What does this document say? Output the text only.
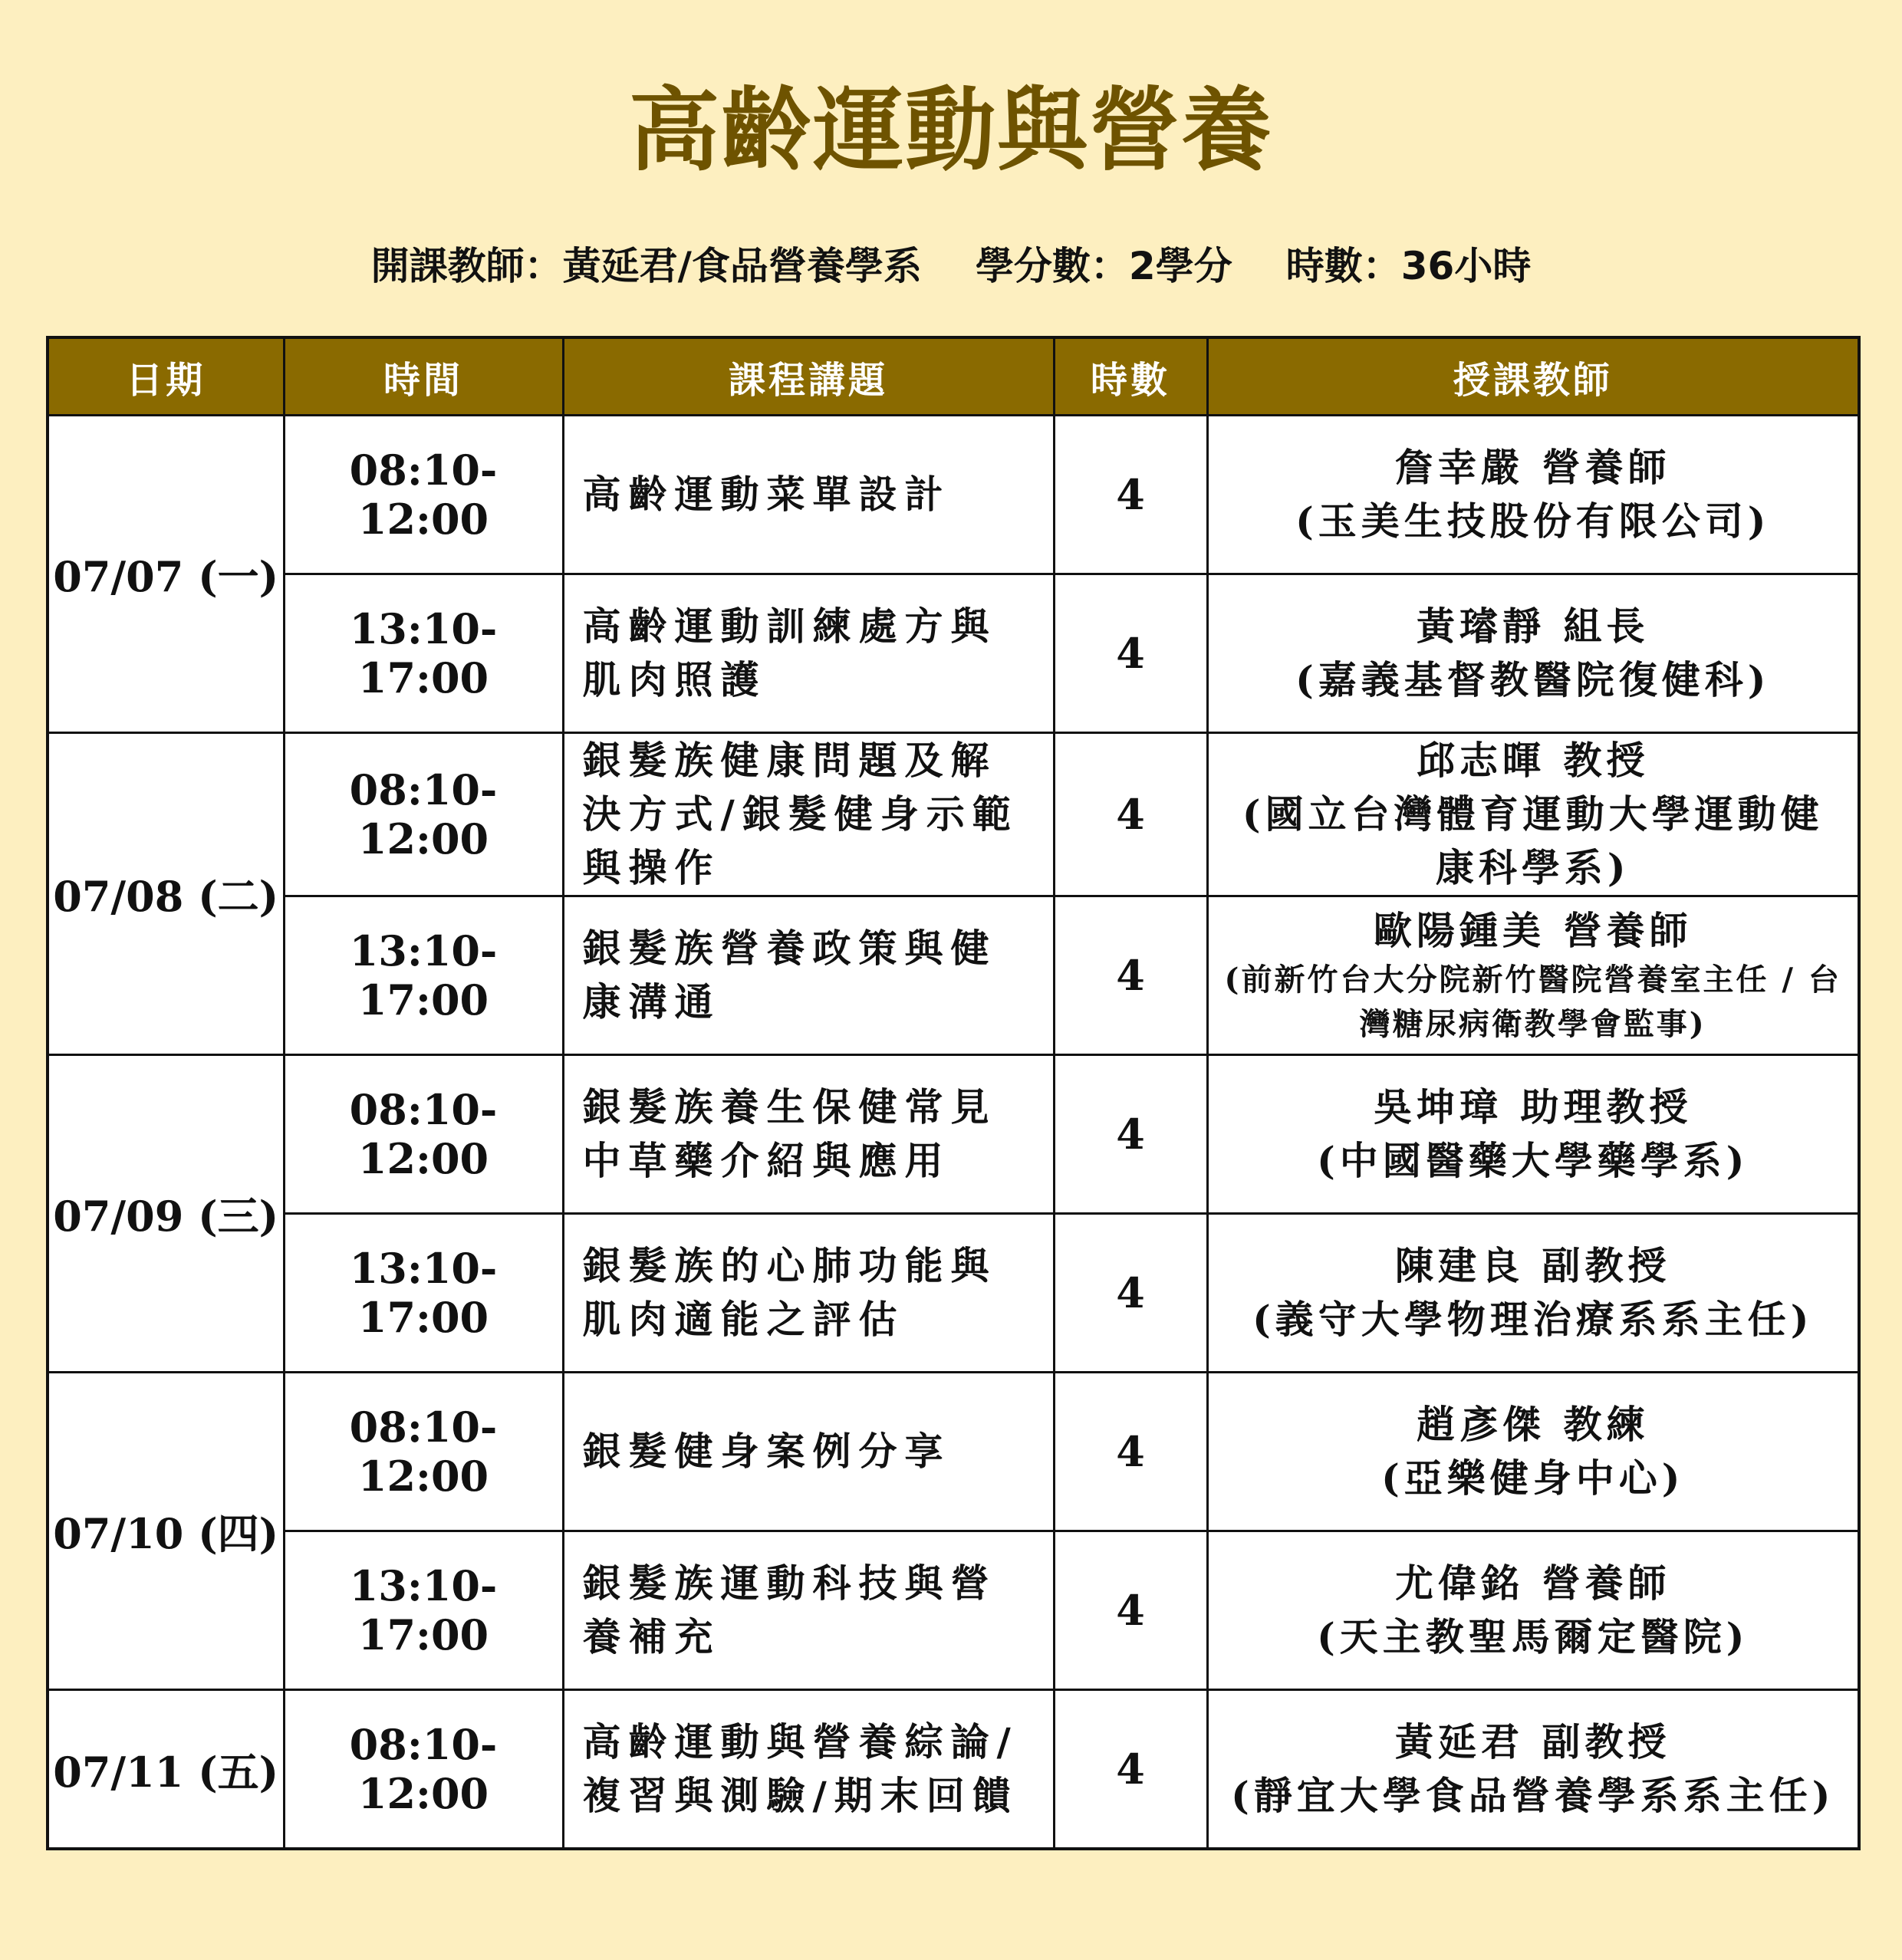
高齡運動與營養
開課教師：黃延君/食品營養學系 學分數：2學分 時數：36小時
日期	時間	課程講題	時數	授課教師
07/07 (一)	08:10-12:00	高齡運動菜單設計	4	詹幸嚴 營養師
(玉美生技股份有限公司)

	13:10-17:00	高齡運動訓練處方與肌肉照護	4	黃璿靜 組長
(嘉義基督教醫院復健科)

07/08 (二)	08:10-12:00	銀髮族健康問題及解決方式/銀髮健身示範與操作	4	邱志暉 教授
(國立台灣體育運動大學運動健康科學系)

	13:10-17:00	銀髮族營養政策與健康溝通	4	歐陽鍾美 營養師
(前新竹台大分院新竹醫院營養室主任 / 台灣糖尿病衛教學會監事)

07/09 (三)	08:10-12:00	銀髮族養生保健常見中草藥介紹與應用	4	吳坤璋 助理教授
(中國醫藥大學藥學系)

	13:10-17:00	銀髮族的心肺功能與肌肉適能之評估	4	陳建良 副教授
(義守大學物理治療系系主任)

07/10 (四)	08:10-12:00	銀髮健身案例分享	4	趙彥傑 教練
(亞樂健身中心)

	13:10-17:00	銀髮族運動科技與營養補充	4	尤偉銘 營養師
(天主教聖馬爾定醫院)

07/11 (五)	08:10-12:00	高齡運動與營養綜論/複習與測驗/期末回饋	4	黃延君 副教授
(靜宜大學食品營養學系系主任)
